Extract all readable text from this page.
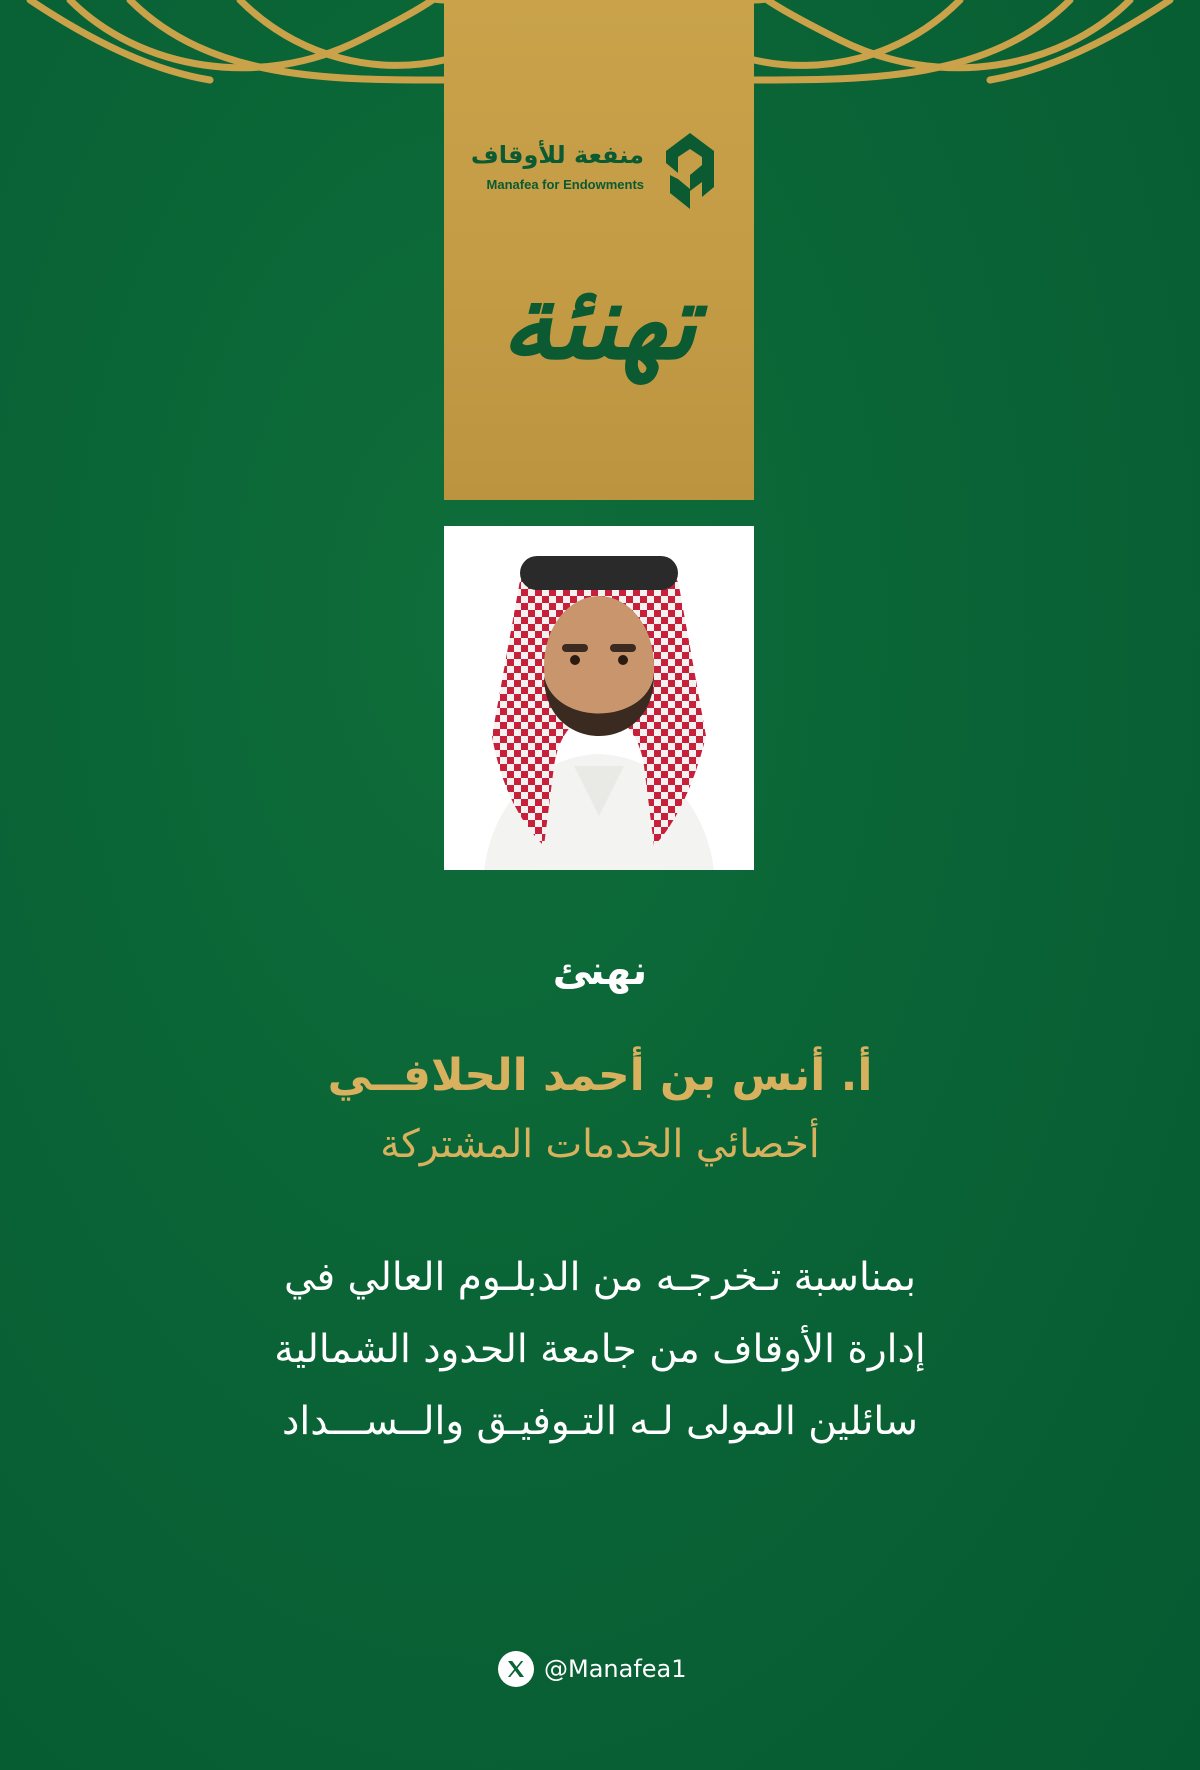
منفعة للأوقاف
Manafea for Endowments
تهنئة
نهنئ
أ. أنس بن أحمد الحلافــي
أخصائي الخدمات المشتركة
بمناسبة تـخرجـه من الدبلـوم العالي في
إدارة الأوقاف من جامعة الحدود الشمالية
سائلين المولى لـه التـوفيـق والــســـداد
@Manafea1
